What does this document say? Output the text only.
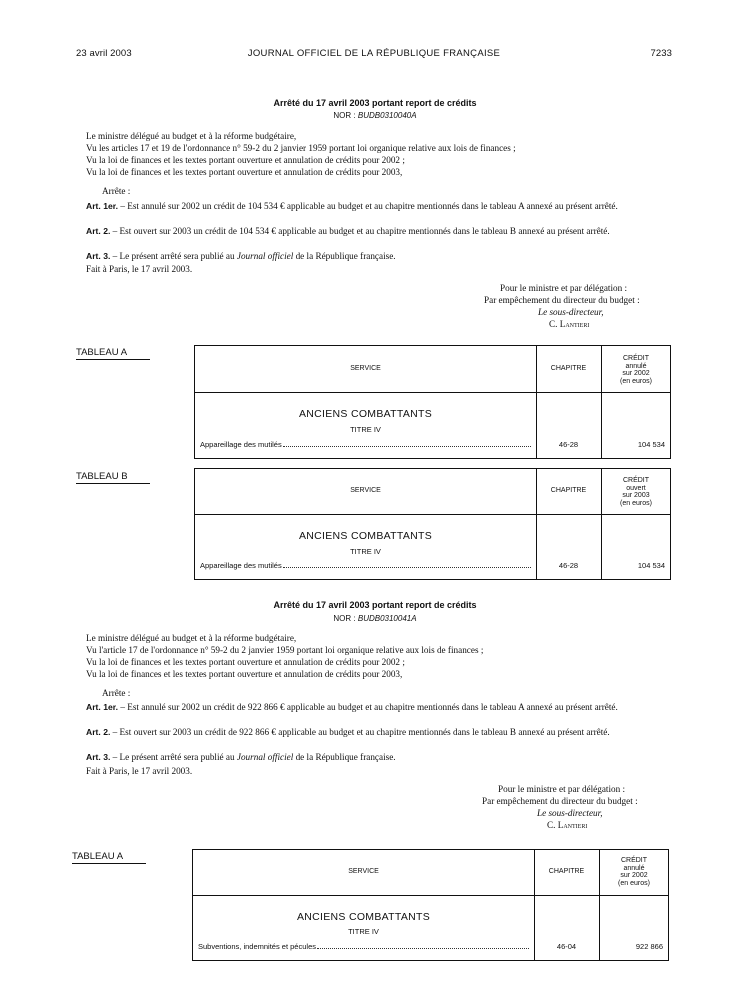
23 avril 2003	JOURNAL OFFICIEL DE LA RÉPUBLIQUE FRANÇAISE	7233
Arrêté du 17 avril 2003 portant report de crédits
NOR : BUDB0310040A
Le ministre délégué au budget et à la réforme budgétaire,
Vu les articles 17 et 19 de l'ordonnance n° 59-2 du 2 janvier 1959 portant loi organique relative aux lois de finances ;
Vu la loi de finances et les textes portant ouverture et annulation de crédits pour 2002 ;
Vu la loi de finances et les textes portant ouverture et annulation de crédits pour 2003,
Arrête :
Art. 1er. – Est annulé sur 2002 un crédit de 104 534 € applicable au budget et au chapitre mentionnés dans le tableau A annexé au présent arrêté.
Art. 2. – Est ouvert sur 2003 un crédit de 104 534 € applicable au budget et au chapitre mentionnés dans le tableau B annexé au présent arrêté.
Art. 3. – Le présent arrêté sera publié au Journal officiel de la République française.
Fait à Paris, le 17 avril 2003.
Pour le ministre et par délégation :
Par empêchement du directeur du budget :
Le sous-directeur,
C. Lantieri
TABLEAU A
SERVICE	CHAPITRE
CRÉDIT
annulé
sur 2002
(en euros)
ANCIENS COMBATTANTS
TITRE IV
Appareillage des mutilés	46-28	104 534
TABLEAU B
SERVICE	CHAPITRE
CRÉDIT
ouvert
sur 2003
(en euros)
ANCIENS COMBATTANTS
TITRE IV
Appareillage des mutilés	46-28	104 534
Arrêté du 17 avril 2003 portant report de crédits
NOR : BUDB0310041A
Le ministre délégué au budget et à la réforme budgétaire,
Vu l'article 17 de l'ordonnance n° 59-2 du 2 janvier 1959 portant loi organique relative aux lois de finances ;
Vu la loi de finances et les textes portant ouverture et annulation de crédits pour 2002 ;
Vu la loi de finances et les textes portant ouverture et annulation de crédits pour 2003,
Arrête :
Art. 1er. – Est annulé sur 2002 un crédit de 922 866 € applicable au budget et au chapitre mentionnés dans le tableau A annexé au présent arrêté.
Art. 2. – Est ouvert sur 2003 un crédit de 922 866 € applicable au budget et au chapitre mentionnés dans le tableau B annexé au présent arrêté.
Art. 3. – Le présent arrêté sera publié au Journal officiel de la République française.
Fait à Paris, le 17 avril 2003.
Pour le ministre et par délégation :
Par empêchement du directeur du budget :
Le sous-directeur,
C. Lantieri
TABLEAU A
SERVICE	CHAPITRE
CRÉDIT
annulé
sur 2002
(en euros)
ANCIENS COMBATTANTS
TITRE IV
Subventions, indemnités et pécules	46-04	922 866
